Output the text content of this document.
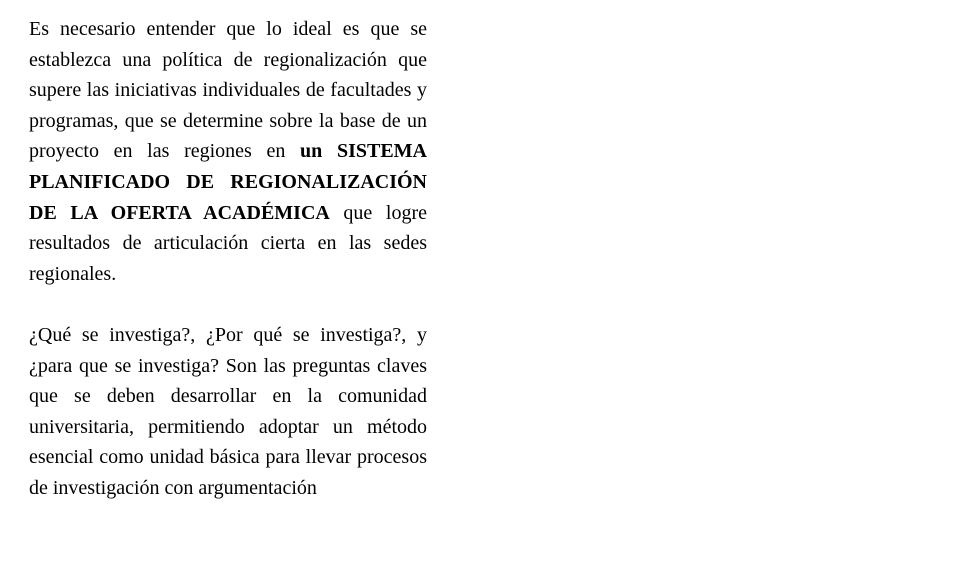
Es necesario entender que lo ideal es que se establezca una política de regionalización que supere las iniciativas individuales de facultades y programas, que se determine sobre la base de un proyecto en las regiones en un SISTEMA PLANIFICADO DE REGIONALIZACIÓN DE LA OFERTA ACADÉMICA que logre resultados de articulación cierta en las sedes regionales.

¿Qué se investiga?, ¿Por qué se investiga?, y ¿para que se investiga? Son las preguntas claves que se deben desarrollar en la comunidad universitaria, permitiendo adoptar un método esencial como unidad básica para llevar procesos de investigación con argumentación
